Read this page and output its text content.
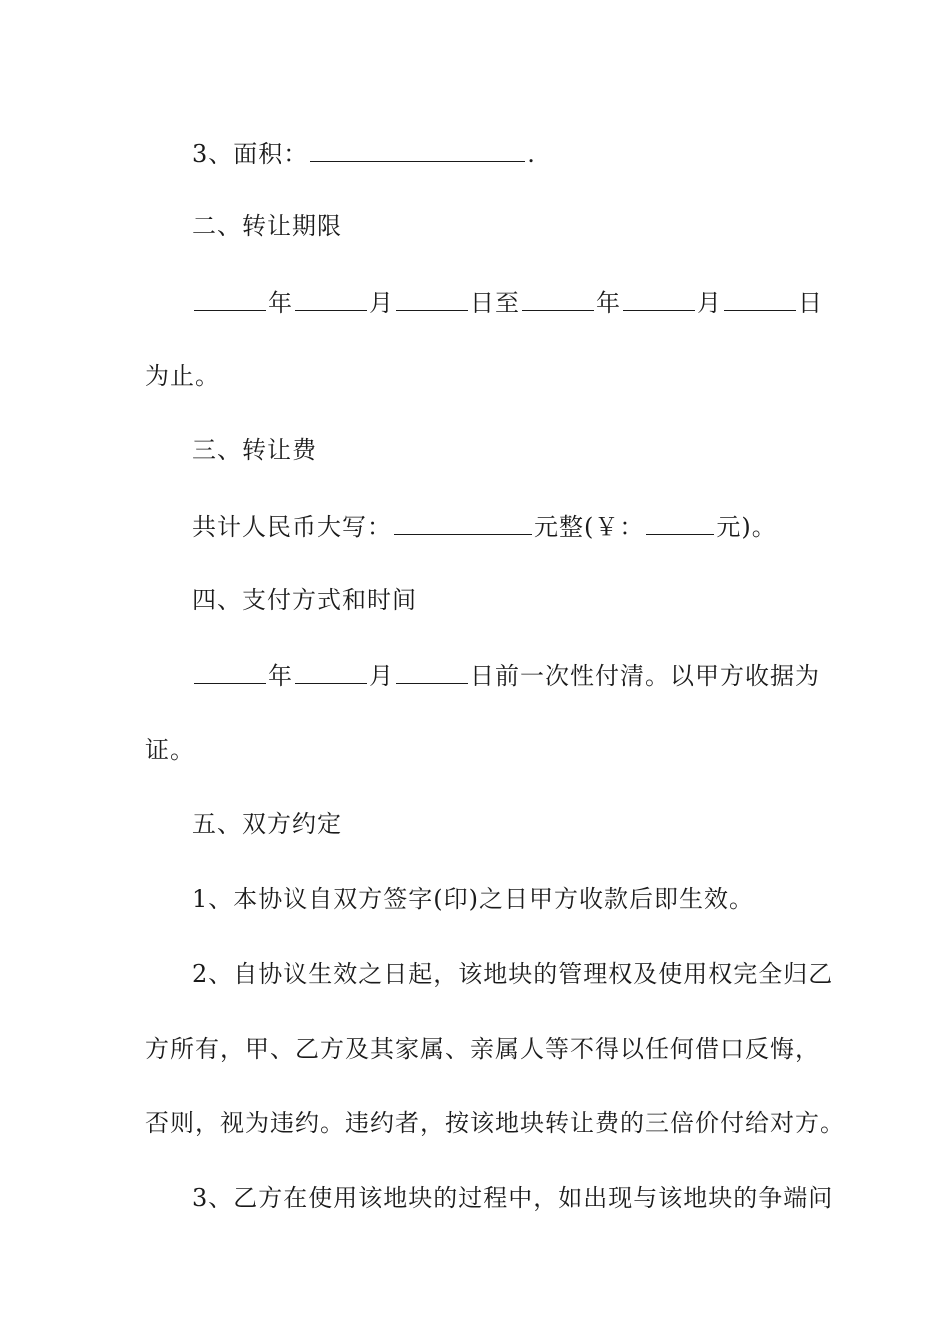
3、面积：	.
二、转让期限
年	月	日至	年	月	日
为止。
三、转让费
共计人民币大写：	元整(￥：	元)。
四、支付方式和时间
年	月	日前一次性付清。以甲方收据为
证。
五、双方约定
1、本协议自双方签字(印)之日甲方收款后即生效。
2、自协议生效之日起，该地块的管理权及使用权完全归乙
方所有，甲、乙方及其家属、亲属人等不得以任何借口反悔，
否则，视为违约。违约者，按该地块转让费的三倍价付给对方。
3、乙方在使用该地块的过程中，如出现与该地块的争端问
